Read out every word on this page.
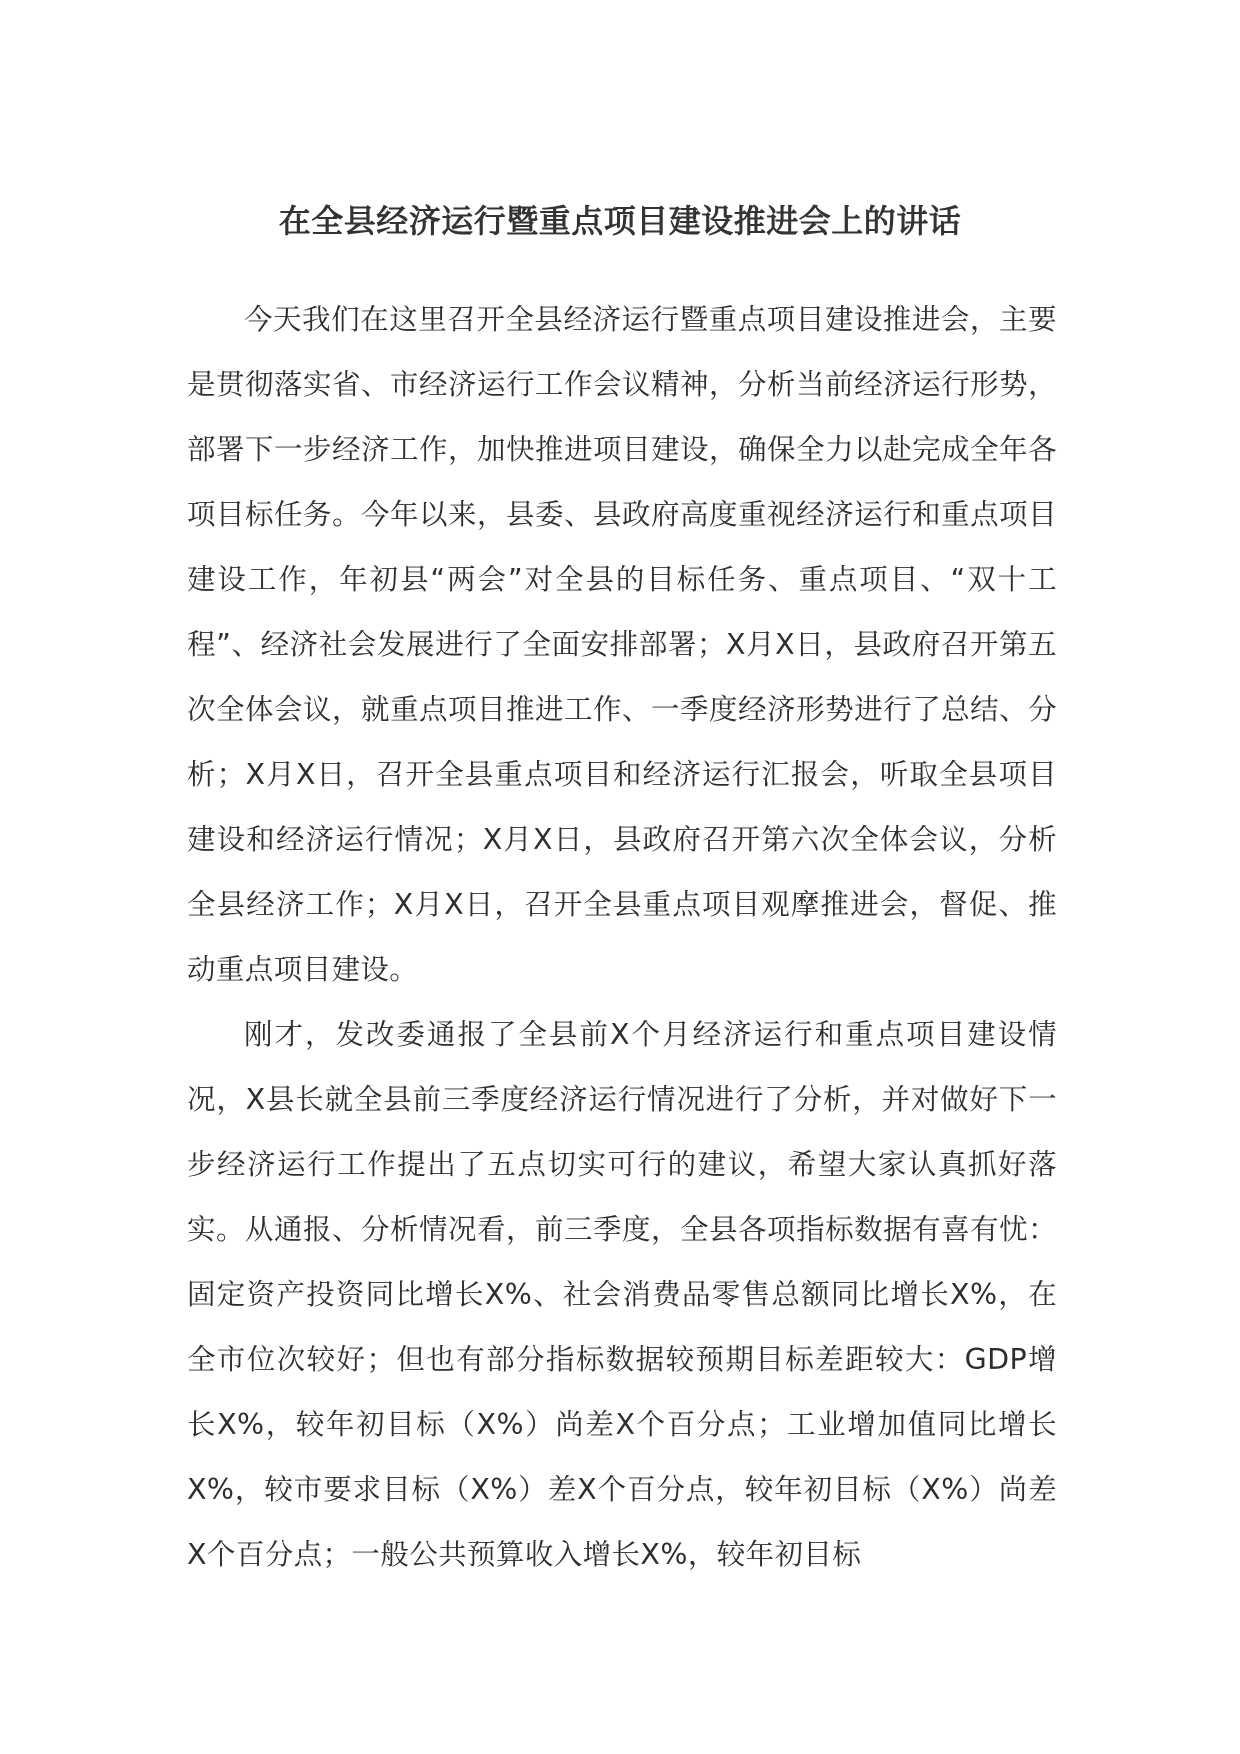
在全县经济运行暨重点项目建设推进会上的讲话

今天我们在这里召开全县经济运行暨重点项目建设推进会，主要是贯彻落实省、市经济运行工作会议精神，分析当前经济运行形势，部署下一步经济工作，加快推进项目建设，确保全力以赴完成全年各项目标任务。今年以来，县委、县政府高度重视经济运行和重点项目建设工作，年初县“两会”对全县的目标任务、重点项目、“双十工程”、经济社会发展进行了全面安排部署；X月X日，县政府召开第五次全体会议，就重点项目推进工作、一季度经济形势进行了总结、分析；X月X日，召开全县重点项目和经济运行汇报会，听取全县项目建设和经济运行情况；X月X日，县政府召开第六次全体会议，分析全县经济工作；X月X日，召开全县重点项目观摩推进会，督促、推动重点项目建设。

刚才，发改委通报了全县前X个月经济运行和重点项目建设情况，X县长就全县前三季度经济运行情况进行了分析，并对做好下一步经济运行工作提出了五点切实可行的建议，希望大家认真抓好落实。从通报、分析情况看，前三季度，全县各项指标数据有喜有忧：固定资产投资同比增长X%、社会消费品零售总额同比增长X%，在全市位次较好；但也有部分指标数据较预期目标差距较大：GDP增长X%，较年初目标（X%）尚差X个百分点；工业增加值同比增长X%，较市要求目标（X%）差X个百分点，较年初目标（X%）尚差X个百分点；一般公共预算收入增长X%，较年初目标
